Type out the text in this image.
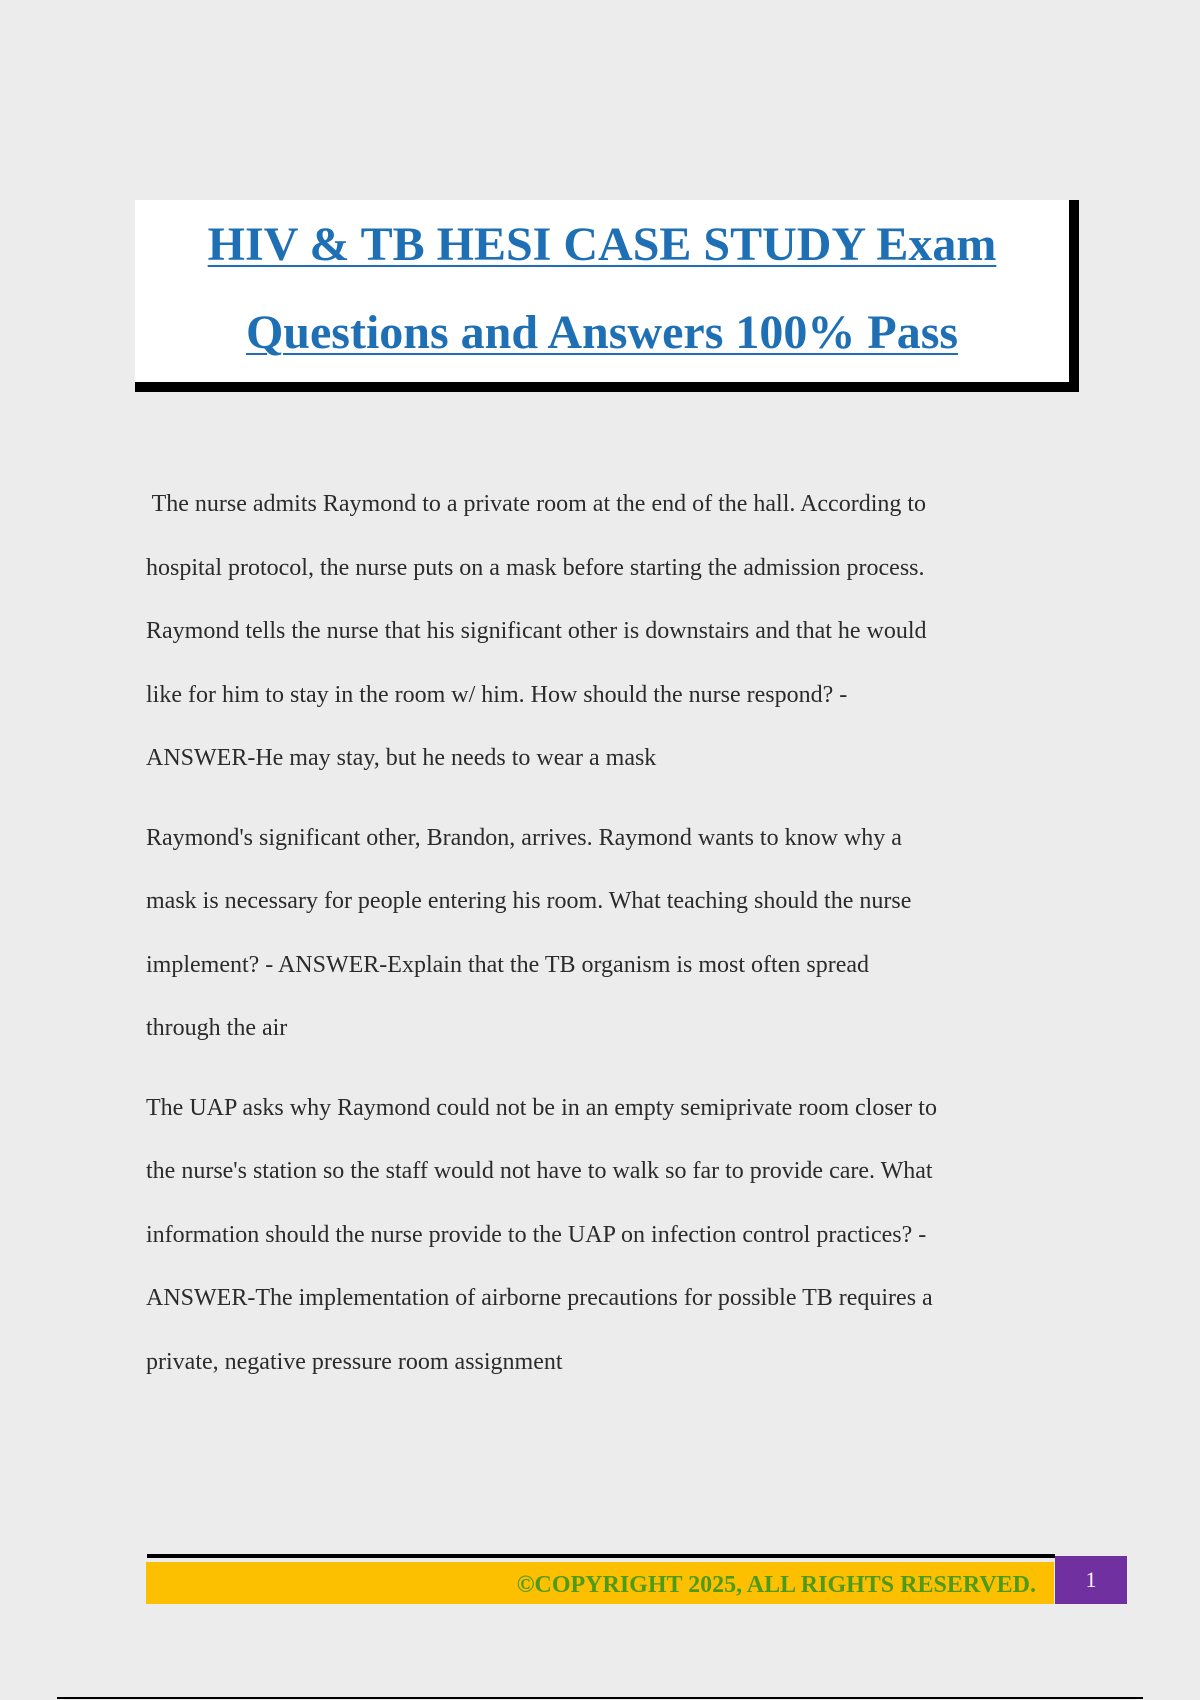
HIV & TB HESI CASE STUDY Exam
Questions and Answers 100% Pass
The nurse admits Raymond to a private room at the end of the hall. According to
hospital protocol, the nurse puts on a mask before starting the admission process.
Raymond tells the nurse that his significant other is downstairs and that he would
like for him to stay in the room w/ him. How should the nurse respond? -
ANSWER-He may stay, but he needs to wear a mask
Raymond's significant other, Brandon, arrives. Raymond wants to know why a
mask is necessary for people entering his room. What teaching should the nurse
implement? - ANSWER-Explain that the TB organism is most often spread
through the air
The UAP asks why Raymond could not be in an empty semiprivate room closer to
the nurse's station so the staff would not have to walk so far to provide care. What
information should the nurse provide to the UAP on infection control practices? -
ANSWER-The implementation of airborne precautions for possible TB requires a
private, negative pressure room assignment
©COPYRIGHT 2025, ALL RIGHTS RESERVED.	1
